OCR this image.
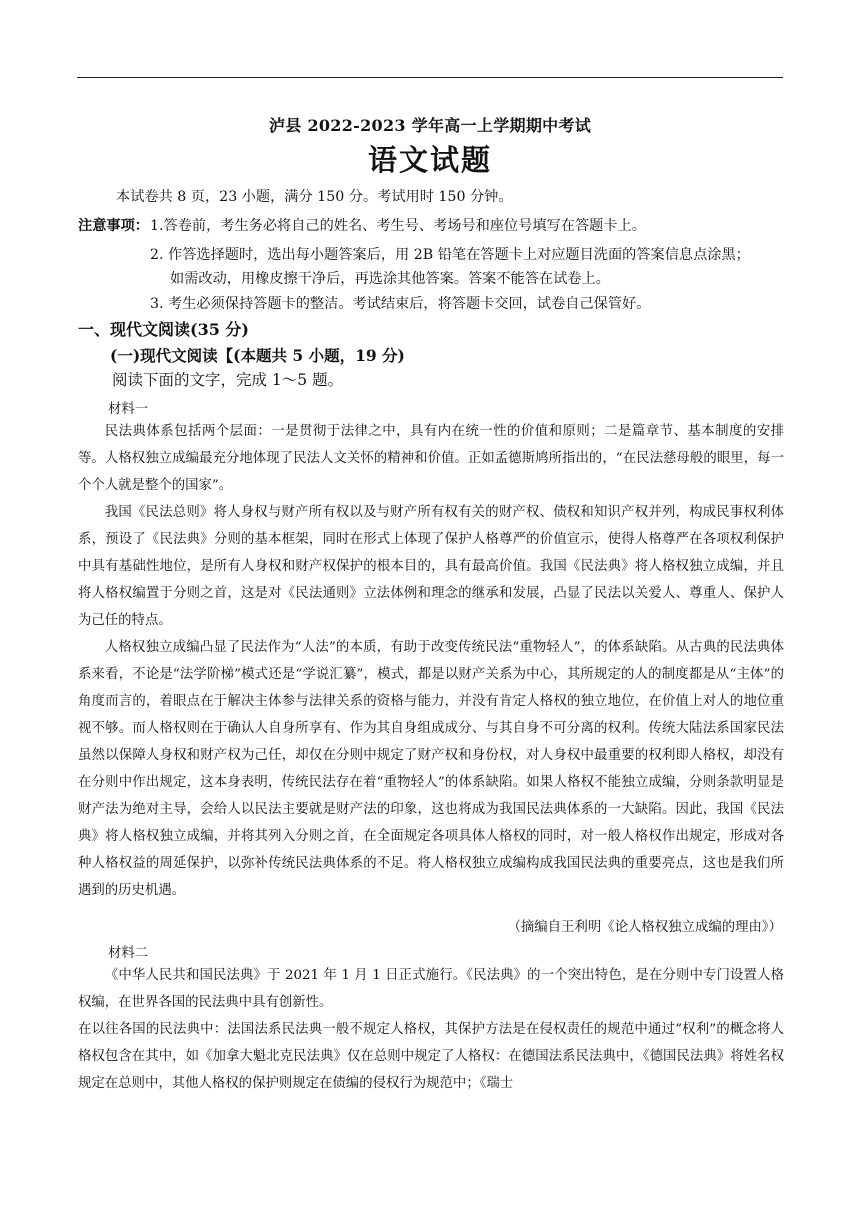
泸县 2022-2023 学年高一上学期期中考试
语文试题
本试卷共 8 页，23 小题，满分 150 分。考试用时 150 分钟。
注意事项： 1.答卷前，考生务必将自己的姓名、考生号、考场号和座位号填写在答题卡上。
2. 作答选择题时，选出每小题答案后，用 2B 铅笔在答题卡上对应题目洗面的答案信息点涂黑；
如需改动，用橡皮擦干净后，再选涂其他答案。答案不能答在试卷上。
3. 考生必须保持答题卡的整洁。考试结束后，将答题卡交回，试卷自己保管好。
一、现代文阅读(35 分)
(一)现代文阅读【(本题共 5 小题，19 分)
阅读下面的文字，完成 1～5 题。
材料一

民法典体系包括两个层面：一是贯彻于法律之中，具有内在统一性的价值和原则；二是篇章节、基本制度的安排等。人格权独立成编最充分地体现了民法人文关怀的精神和价值。正如孟德斯鸠所指出的，“在民法慈母般的眼里，每一个个人就是整个的国家”。

我国《民法总则》将人身权与财产所有权以及与财产所有权有关的财产权、债权和知识产权并列，构成民事权利体系，预设了《民法典》分则的基本框架，同时在形式上体现了保护人格尊严的价值宣示，使得人格尊严在各项权利保护中具有基础性地位，是所有人身权和财产权保护的根本目的，具有最高价值。我国《民法典》将人格权独立成编，并且将人格权编置于分则之首，这是对《民法通则》立法体例和理念的继承和发展，凸显了民法以关爱人、尊重人、保护人为己任的特点。

人格权独立成编凸显了民法作为“人法”的本质，有助于改变传统民法“重物轻人”，的体系缺陷。从古典的民法典体系来看，不论是“法学阶梯”模式还是“学说汇纂”，模式，都是以财产关系为中心，其所规定的人的制度都是从“主体”的角度而言的，着眼点在于解决主体参与法律关系的资格与能力，并没有肯定人格权的独立地位，在价值上对人的地位重视不够。而人格权则在于确认人自身所享有、作为其自身组成成分、与其自身不可分离的权利。传统大陆法系国家民法虽然以保障人身权和财产权为己任，却仅在分则中规定了财产权和身份权，对人身权中最重要的权利即人格权，却没有在分则中作出规定，这本身表明，传统民法存在着“重物轻人”的体系缺陷。如果人格权不能独立成编，分则条款明显是财产法为绝对主导，会给人以民法主要就是财产法的印象，这也将成为我国民法典体系的一大缺陷。因此，我国《民法典》将人格权独立成编，并将其列入分则之首，在全面规定各项具体人格权的同时，对一般人格权作出规定，形成对各种人格权益的周延保护，以弥补传统民法典体系的不足。将人格权独立成编构成我国民法典的重要亮点，这也是我们所遇到的历史机遇。

（摘编自王利明《论人格权独立成编的理由》）
材料二

《中华人民共和国民法典》于 2021 年 1 月 1 日正式施行。《民法典》的一个突出特色，是在分则中专门设置人格权编，在世界各国的民法典中具有创新性。

在以往各国的民法典中：法国法系民法典一般不规定人格权，其保护方法是在侵权责任的规范中通过“权利”的概念将人格权包含在其中，如《加拿大魁北克民法典》仅在总则中规定了人格权：在德国法系民法典中，《德国民法典》将姓名权规定在总则中，其他人格权的保护则规定在债编的侵权行为规范中；《瑞士
